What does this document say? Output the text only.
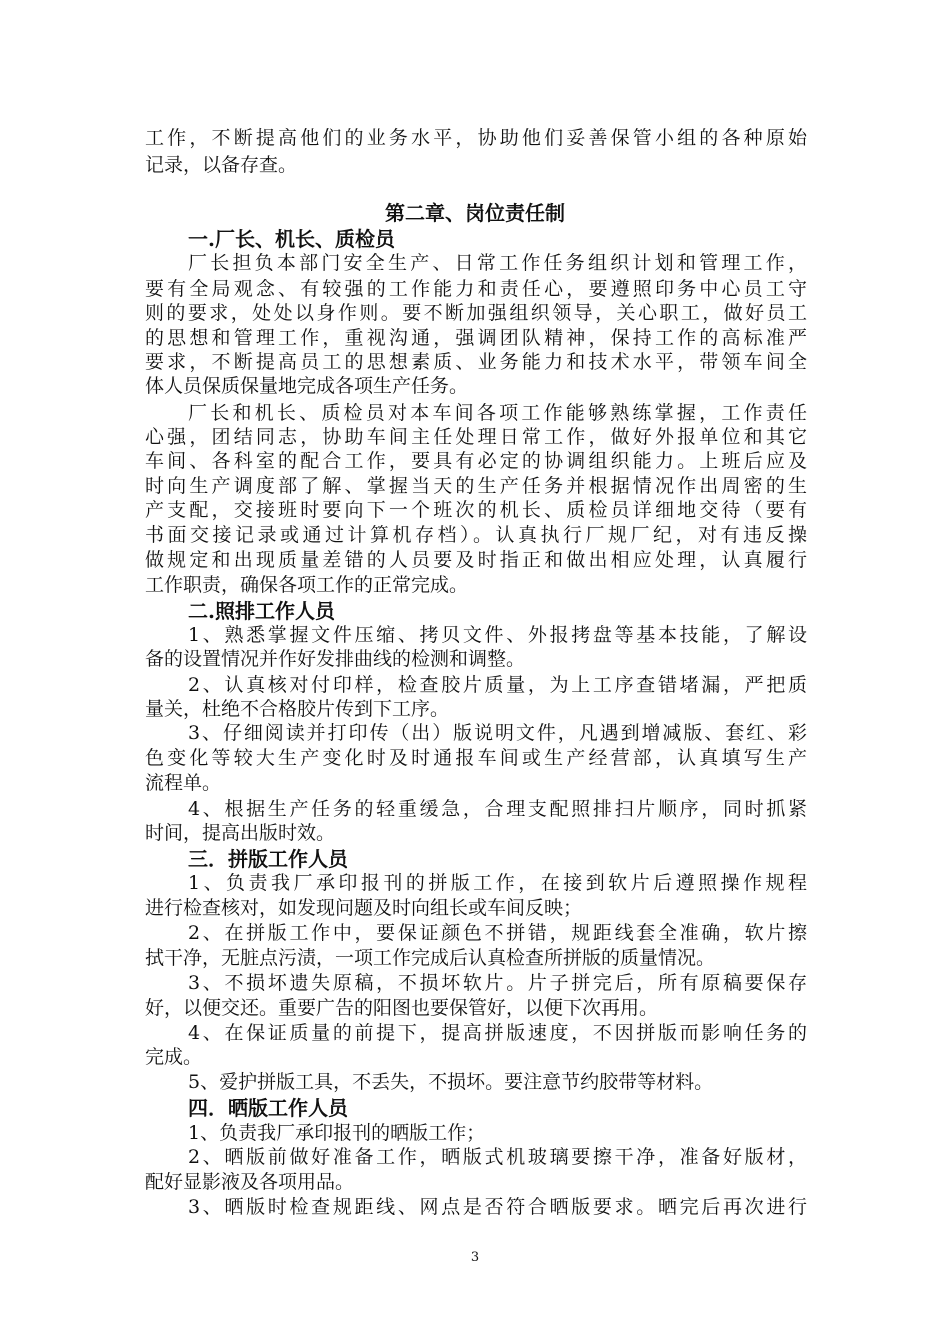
工作，不断提高他们的业务水平，协助他们妥善保管小组的各种原始
记录，以备存查。
第二章、岗位责任制
一.厂长、机长、质检员
厂长担负本部门安全生产、日常工作任务组织计划和管理工作，
要有全局观念、有较强的工作能力和责任心，要遵照印务中心员工守
则的要求，处处以身作则。要不断加强组织领导，关心职工，做好员工
的思想和管理工作，重视沟通，强调团队精神，保持工作的高标准严
要求，不断提高员工的思想素质、业务能力和技术水平，带领车间全
体人员保质保量地完成各项生产任务。
厂长和机长、质检员对本车间各项工作能够熟练掌握，工作责任
心强，团结同志，协助车间主任处理日常工作，做好外报单位和其它
车间、各科室的配合工作，要具有必定的协调组织能力。上班后应及
时向生产调度部了解、掌握当天的生产任务并根据情况作出周密的生
产支配，交接班时要向下一个班次的机长、质检员详细地交待（要有
书面交接记录或通过计算机存档）。认真执行厂规厂纪，对有违反操
做规定和出现质量差错的人员要及时指正和做出相应处理，认真履行
工作职责，确保各项工作的正常完成。
二.照排工作人员
1、熟悉掌握文件压缩、拷贝文件、外报拷盘等基本技能，了解设
备的设置情况并作好发排曲线的检测和调整。
2、认真核对付印样，检查胶片质量，为上工序查错堵漏，严把质
量关，杜绝不合格胶片传到下工序。
3、仔细阅读并打印传（出）版说明文件，凡遇到增减版、套红、彩
色变化等较大生产变化时及时通报车间或生产经营部，认真填写生产
流程单。
4、根据生产任务的轻重缓急，合理支配照排扫片顺序，同时抓紧
时间，提高出版时效。
三．拼版工作人员
1、负责我厂承印报刊的拼版工作，在接到软片后遵照操作规程
进行检查核对，如发现问题及时向组长或车间反映；
2、在拼版工作中，要保证颜色不拼错，规距线套全准确，软片擦
拭干净，无脏点污渍，一项工作完成后认真检查所拼版的质量情况。
3、不损坏遗失原稿，不损坏软片。片子拼完后，所有原稿要保存
好，以便交还。重要广告的阳图也要保管好，以便下次再用。
4、在保证质量的前提下，提高拼版速度，不因拼版而影响任务的
完成。
5、爱护拼版工具，不丢失，不损坏。要注意节约胶带等材料。
四．晒版工作人员
1、负责我厂承印报刊的晒版工作；
2、晒版前做好准备工作，晒版式机玻璃要擦干净，准备好版材，
配好显影液及各项用品。
3、晒版时检查规距线、网点是否符合晒版要求。晒完后再次进行
3
